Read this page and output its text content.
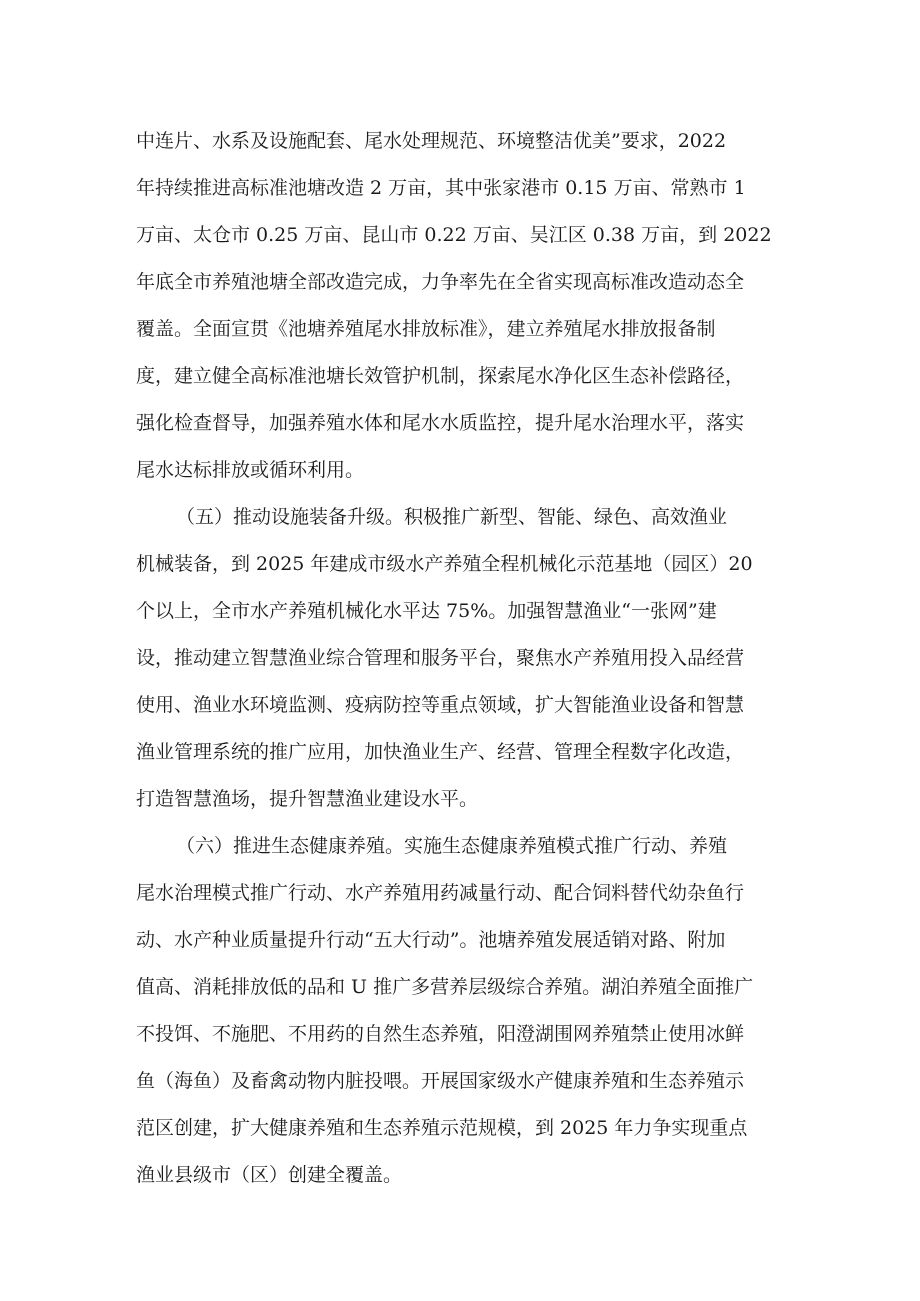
中连片、水系及设施配套、尾水处理规范、环境整洁优美”要求，2022
年持续推进高标准池塘改造 2 万亩，其中张家港市 0.15 万亩、常熟市 1
万亩、太仓市 0.25 万亩、昆山市 0.22 万亩、吴江区 0.38 万亩，到 2022
年底全市养殖池塘全部改造完成，力争率先在全省实现高标准改造动态全
覆盖。全面宣贯《池塘养殖尾水排放标准》，建立养殖尾水排放报备制
度，建立健全高标准池塘长效管护机制，探索尾水净化区生态补偿路径，
强化检查督导，加强养殖水体和尾水水质监控，提升尾水治理水平，落实
尾水达标排放或循环利用。
（五）推动设施装备升级。积极推广新型、智能、绿色、高效渔业
机械装备，到 2025 年建成市级水产养殖全程机械化示范基地（园区）20
个以上，全市水产养殖机械化水平达 75%。加强智慧渔业“一张网”建
设，推动建立智慧渔业综合管理和服务平台，聚焦水产养殖用投入品经营
使用、渔业水环境监测、疫病防控等重点领域，扩大智能渔业设备和智慧
渔业管理系统的推广应用，加快渔业生产、经营、管理全程数字化改造，
打造智慧渔场，提升智慧渔业建设水平。
（六）推进生态健康养殖。实施生态健康养殖模式推广行动、养殖
尾水治理模式推广行动、水产养殖用药减量行动、配合饲料替代幼杂鱼行
动、水产种业质量提升行动“五大行动”。池塘养殖发展适销对路、附加
值高、消耗排放低的品和 U 推广多营养层级综合养殖。湖泊养殖全面推广
不投饵、不施肥、不用药的自然生态养殖，阳澄湖围网养殖禁止使用冰鲜
鱼（海鱼）及畜禽动物内脏投喂。开展国家级水产健康养殖和生态养殖示
范区创建，扩大健康养殖和生态养殖示范规模，到 2025 年力争实现重点
渔业县级市（区）创建全覆盖。
